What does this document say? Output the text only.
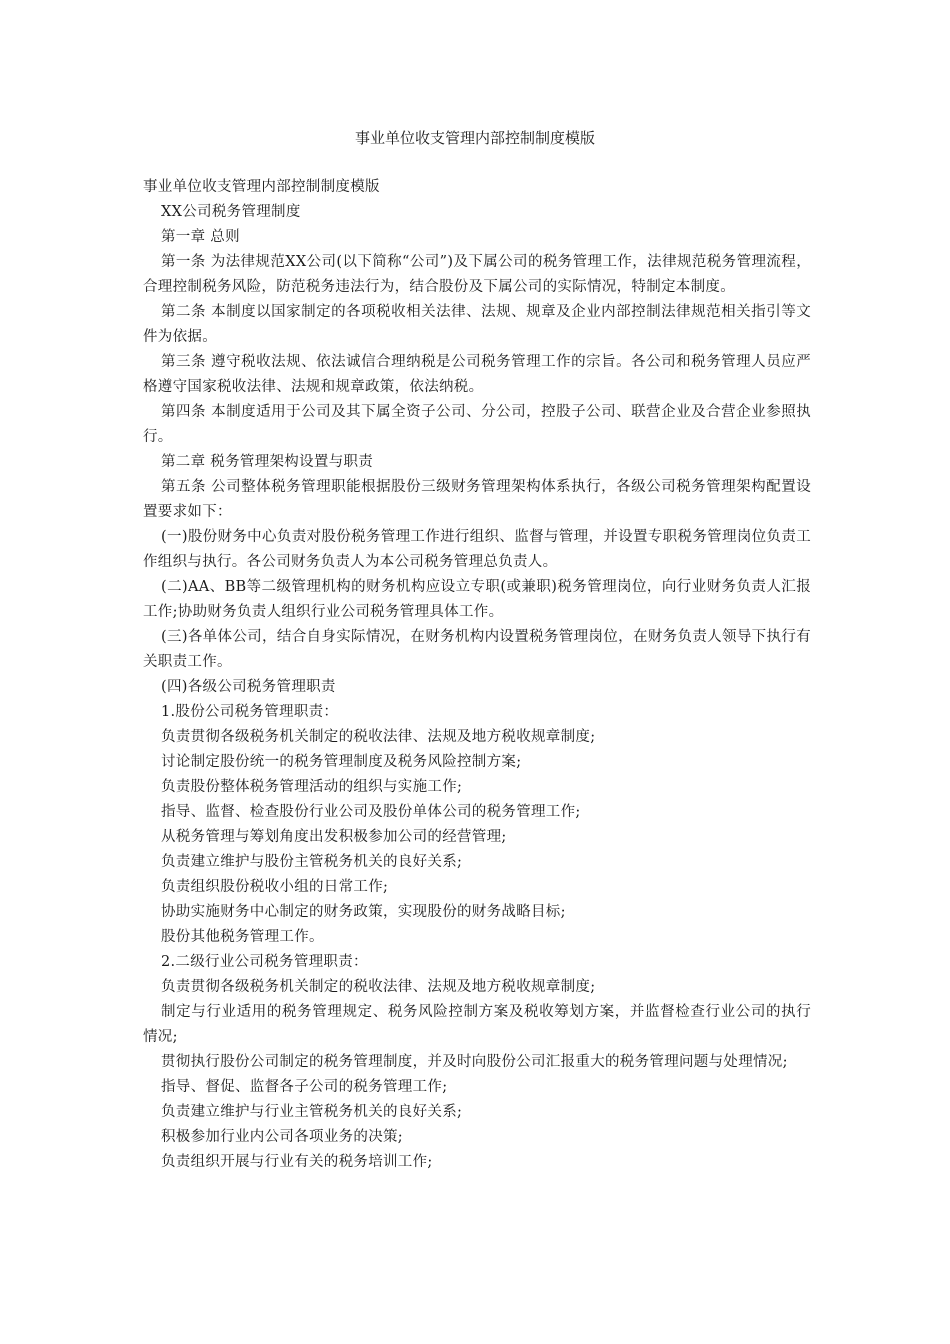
事业单位收支管理内部控制制度模版

事业单位收支管理内部控制制度模版

XX公司税务管理制度

第一章 总则

第一条 为法律规范XX公司(以下简称“公司”)及下属公司的税务管理工作，法律规范税务管理流程，合理控制税务风险，防范税务违法行为，结合股份及下属公司的实际情况，特制定本制度。

第二条 本制度以国家制定的各项税收相关法律、法规、规章及企业内部控制法律规范相关指引等文件为依据。

第三条 遵守税收法规、依法诚信合理纳税是公司税务管理工作的宗旨。各公司和税务管理人员应严格遵守国家税收法律、法规和规章政策，依法纳税。

第四条 本制度适用于公司及其下属全资子公司、分公司，控股子公司、联营企业及合营企业参照执行。

第二章 税务管理架构设置与职责

第五条 公司整体税务管理职能根据股份三级财务管理架构体系执行，各级公司税务管理架构配置设置要求如下：

(一)股份财务中心负责对股份税务管理工作进行组织、监督与管理，并设置专职税务管理岗位负责工作组织与执行。各公司财务负责人为本公司税务管理总负责人。

(二)AA、BB等二级管理机构的财务机构应设立专职(或兼职)税务管理岗位，向行业财务负责人汇报工作;协助财务负责人组织行业公司税务管理具体工作。

(三)各单体公司，结合自身实际情况，在财务机构内设置税务管理岗位，在财务负责人领导下执行有关职责工作。

(四)各级公司税务管理职责

1.股份公司税务管理职责：

负责贯彻各级税务机关制定的税收法律、法规及地方税收规章制度;

讨论制定股份统一的税务管理制度及税务风险控制方案;

负责股份整体税务管理活动的组织与实施工作;

指导、监督、检查股份行业公司及股份单体公司的税务管理工作;

从税务管理与筹划角度出发积极参加公司的经营管理;

负责建立维护与股份主管税务机关的良好关系;

负责组织股份税收小组的日常工作;

协助实施财务中心制定的财务政策，实现股份的财务战略目标;

股份其他税务管理工作。

2.二级行业公司税务管理职责：

负责贯彻各级税务机关制定的税收法律、法规及地方税收规章制度;

制定与行业适用的税务管理规定、税务风险控制方案及税收筹划方案，并监督检查行业公司的执行情况;

贯彻执行股份公司制定的税务管理制度，并及时向股份公司汇报重大的税务管理问题与处理情况;

指导、督促、监督各子公司的税务管理工作;

负责建立维护与行业主管税务机关的良好关系;

积极参加行业内公司各项业务的决策;

负责组织开展与行业有关的税务培训工作;
